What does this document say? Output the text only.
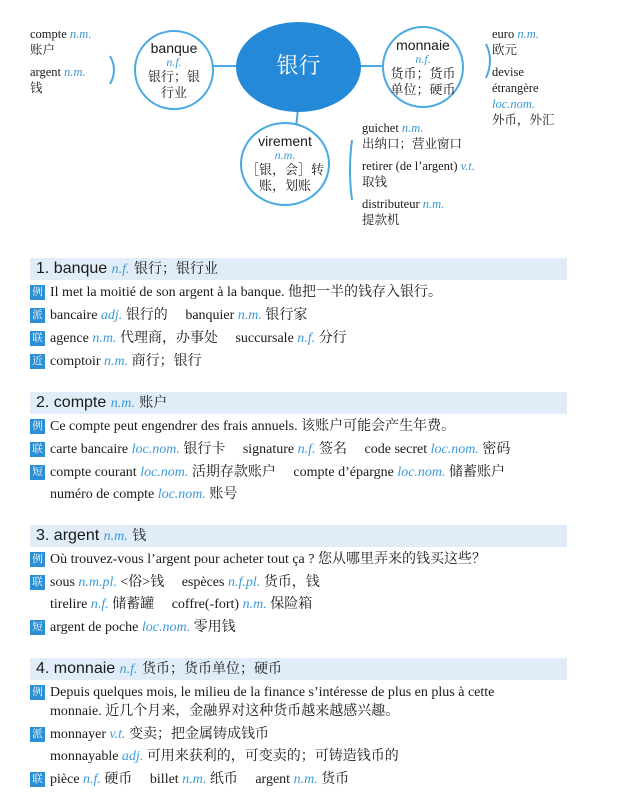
compte n.m.
账户
argent n.m.
钱
banque
n.f.
银行；银
行业
银行
monnaie
n.f.
货币；货币
单位；硬币
virement
n.m.
［银，会］转
账，划账
euro n.m.
欧元
devise
étrangère
loc.nom.
外币，外汇
guichet n.m.
出纳口；营业窗口
retirer (de l’argent) v.t.
取钱
distributeur n.m.
提款机
1. banque n.f. 银行；银行业
例 Il met la moitié de son argent à la banque. 他把一半的钱存入银行。
派 bancaire adj. 银行的 banquier n.m. 银行家
联 agence n.m. 代理商，办事处 succursale n.f. 分行
近 comptoir n.m. 商行；银行
2. compte n.m. 账户
例 Ce compte peut engendrer des frais annuels. 该账户可能会产生年费。
联 carte bancaire loc.nom. 银行卡 signature n.f. 签名 code secret loc.nom. 密码
短 compte courant loc.nom. 活期存款账户 compte d’épargne loc.nom. 储蓄账户
numéro de compte loc.nom. 账号
3. argent n.m. 钱
例 Où trouvez-vous l’argent pour acheter tout ça ? 您从哪里弄来的钱买这些？
联 sous n.m.pl. <俗>钱 espèces n.f.pl. 货币，钱
tirelire n.f. 储蓄罐 coffre(-fort) n.m. 保险箱
短 argent de poche loc.nom. 零用钱
4. monnaie n.f. 货币；货币单位；硬币
例 Depuis quelques mois, le milieu de la finance s’intéresse de plus en plus à cette
monnaie. 近几个月来，金融界对这种货币越来越感兴趣。
派 monnayer v.t. 变卖；把金属铸成钱币
monnayable adj. 可用来获利的，可变卖的；可铸造钱币的
联 pièce n.f. 硬币 billet n.m. 纸币 argent n.m. 货币
